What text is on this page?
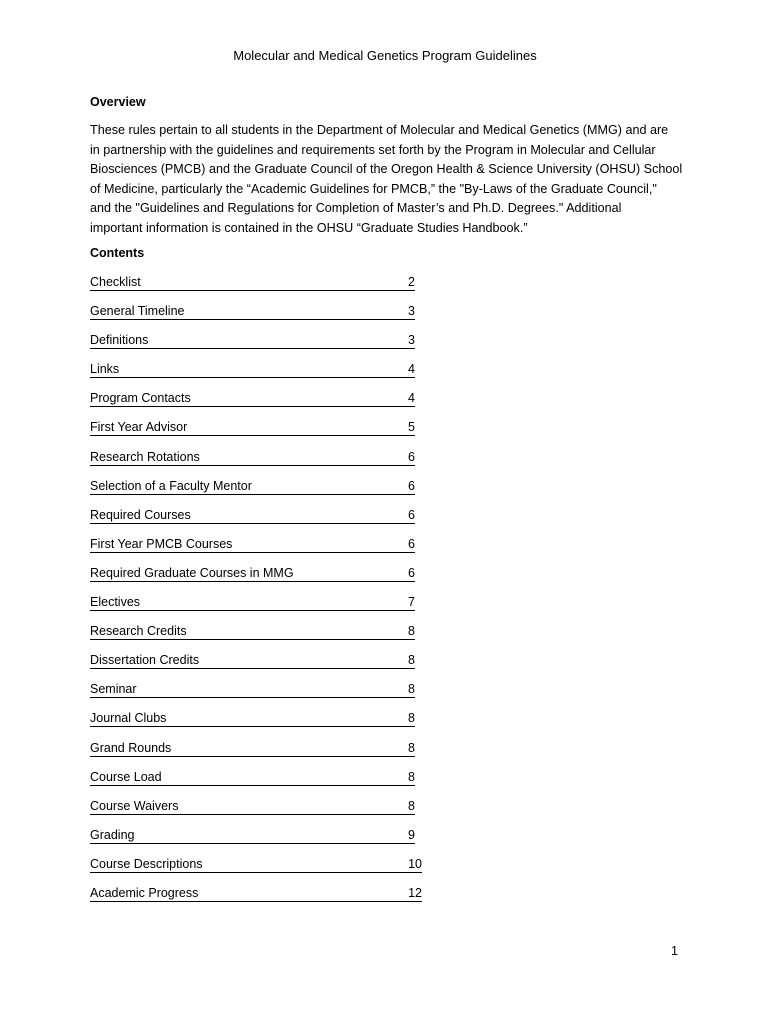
Molecular and Medical Genetics Program Guidelines
Overview

These rules pertain to all students in the Department of Molecular and Medical Genetics (MMG) and are

in partnership with the guidelines and requirements set forth by the Program in Molecular and Cellular

Biosciences (PMCB) and the Graduate Council of the Oregon Health & Science University (OHSU) School

of Medicine, particularly the “Academic Guidelines for PMCB,” the "By-Laws of the Graduate Council,"

and the "Guidelines and Regulations for Completion of Master’s and Ph.D. Degrees." Additional

important information is contained in the OHSU “Graduate Studies Handbook.”

Contents
Checklist	2
General Timeline	3
Definitions	3
Links	4
Program Contacts	4
First Year Advisor	5
Research Rotations	6
Selection of a Faculty Mentor	6
Required Courses	6
First Year PMCB Courses	6
Required Graduate Courses in MMG	6
Electives	7
Research Credits	8
Dissertation Credits	8
Seminar	8
Journal Clubs	8
Grand Rounds	8
Course Load	8
Course Waivers	8
Grading	9
Course Descriptions	10
Academic Progress	12
1
